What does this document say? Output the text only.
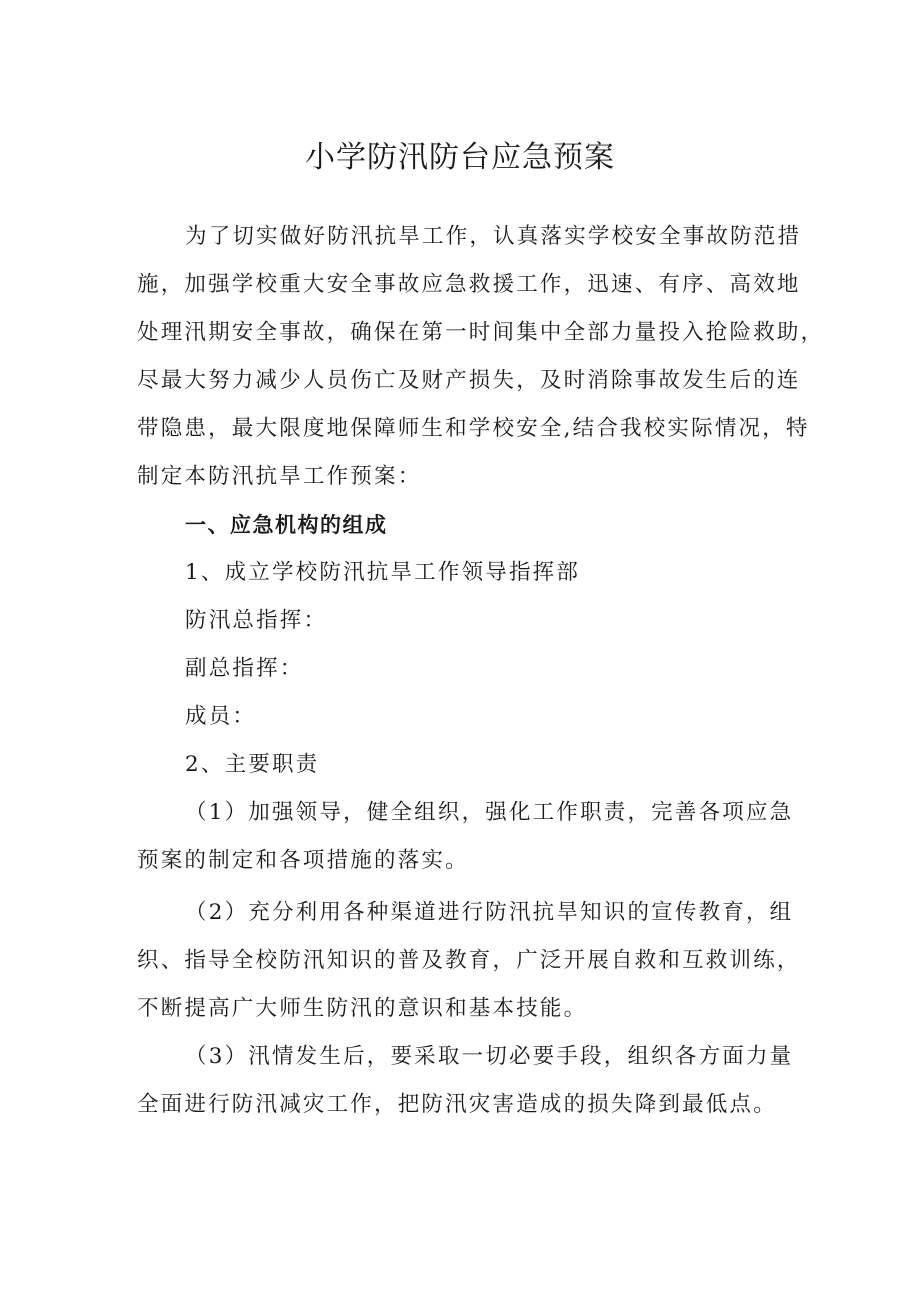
小学防汛防台应急预案

为了切实做好防汛抗旱工作，认真落实学校安全事故防范措

施，加强学校重大安全事故应急救援工作，迅速、有序、高效地

处理汛期安全事故，确保在第一时间集中全部力量投入抢险救助，

尽最大努力减少人员伤亡及财产损失，及时消除事故发生后的连

带隐患，最大限度地保障师生和学校安全,结合我校实际情况，特

制定本防汛抗旱工作预案：

一、应急机构的组成

1、成立学校防汛抗旱工作领导指挥部

防汛总指挥：

副总指挥：

成员：

2、主要职责

（1）加强领导，健全组织，强化工作职责，完善各项应急

预案的制定和各项措施的落实。

（2）充分利用各种渠道进行防汛抗旱知识的宣传教育，组

织、指导全校防汛知识的普及教育，广泛开展自救和互救训练，

不断提高广大师生防汛的意识和基本技能。

（3）汛情发生后，要采取一切必要手段，组织各方面力量

全面进行防汛减灾工作，把防汛灾害造成的损失降到最低点。
